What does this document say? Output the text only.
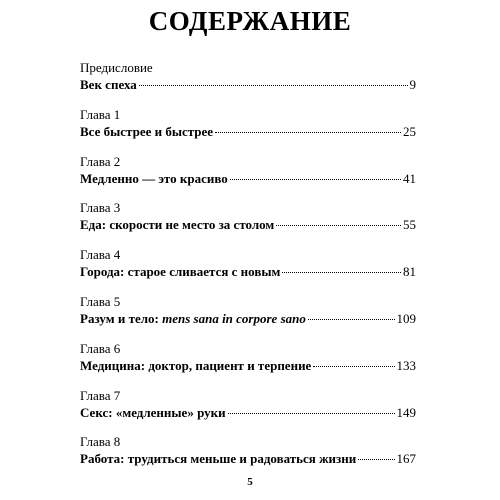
СОДЕРЖАНИЕ
Предисловие
Век спеха	9
Глава 1
Все быстрее и быстрее	25
Глава 2
Медленно — это красиво	41
Глава 3
Еда: скорости не место за столом	55
Глава 4
Города: старое сливается с новым	81
Глава 5
Разум и тело: mens sana in corpore sano	109
Глава 6
Медицина: доктор, пациент и терпение	133
Глава 7
Секс: «медленные» руки	149
Глава 8
Работа: трудиться меньше и радоваться жизни	167
5
